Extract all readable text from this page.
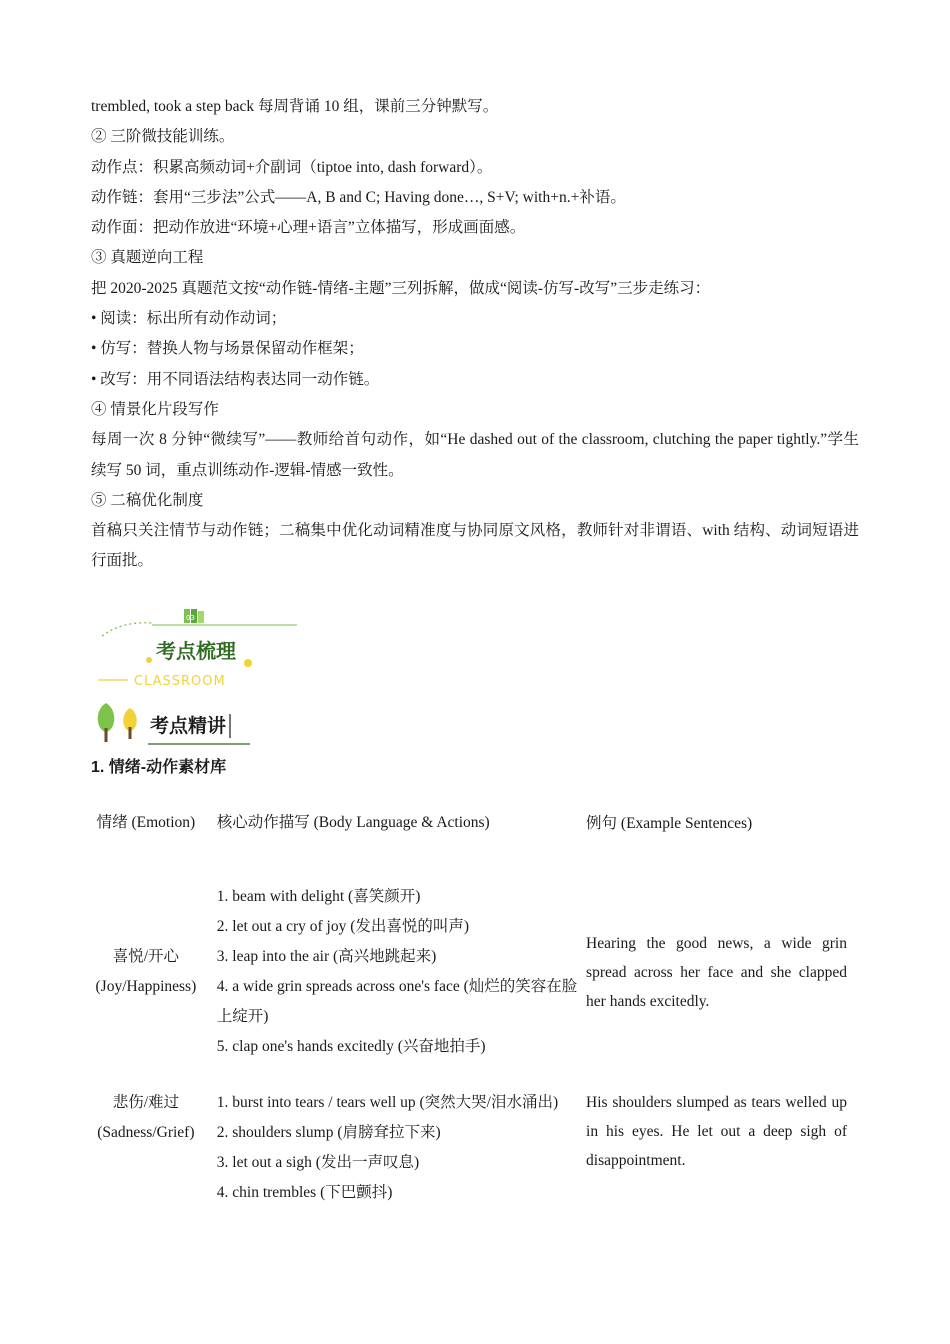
trembled, took a step back 每周背诵 10 组，课前三分钟默写。

② 三阶微技能训练。

动作点：积累高频动词+介副词（tiptoe into, dash forward）。

动作链：套用“三步法”公式——A, B and C; Having done…, S+V; with+n.+补语。

动作面：把动作放进“环境+心理+语言”立体描写，形成画面感。

③ 真题逆向工程

把 2020-2025 真题范文按“动作链-情绪-主题”三列拆解，做成“阅读-仿写-改写”三步走练习：

• 阅读：标出所有动作动词；

• 仿写：替换人物与场景保留动作框架；

• 改写：用不同语法结构表达同一动作链。

④ 情景化片段写作

每周一次 8 分钟“微续写”——教师给首句动作，如“He dashed out of the classroom, clutching the paper tightly.”学生续写 50 词，重点训练动作-逻辑-情感一致性。

⑤ 二稿优化制度

首稿只关注情节与动作链；二稿集中优化动词精准度与协同原文风格，教师针对非谓语、with 结构、动词短语进行面批。

03
考点梳理
CLASSROOM
考点精讲
1. 情绪-动作素材库
情绪 (Emotion)	核心动作描写 (Body Language & Actions)	例句 (Example Sentences)
喜悦/开心 (Joy/Happiness)	1. beam with delight (喜笑颜开)
2. let out a cry of joy (发出喜悦的叫声)
3. leap into the air (高兴地跳起来)
4. a wide grin spreads across one's face (灿烂的笑容在脸上绽开)
5. clap one's hands excitedly (兴奋地拍手)	Hearing the good news, a wide grin spread across her face and she clapped her hands excitedly.
悲伤/难过 (Sadness/Grief)	1. burst into tears / tears well up (突然大哭/泪水涌出)
2. shoulders slump (肩膀耷拉下来)
3. let out a sigh (发出一声叹息)
4. chin trembles (下巴颤抖)	His shoulders slumped as tears welled up in his eyes. He let out a deep sigh of disappointment.
